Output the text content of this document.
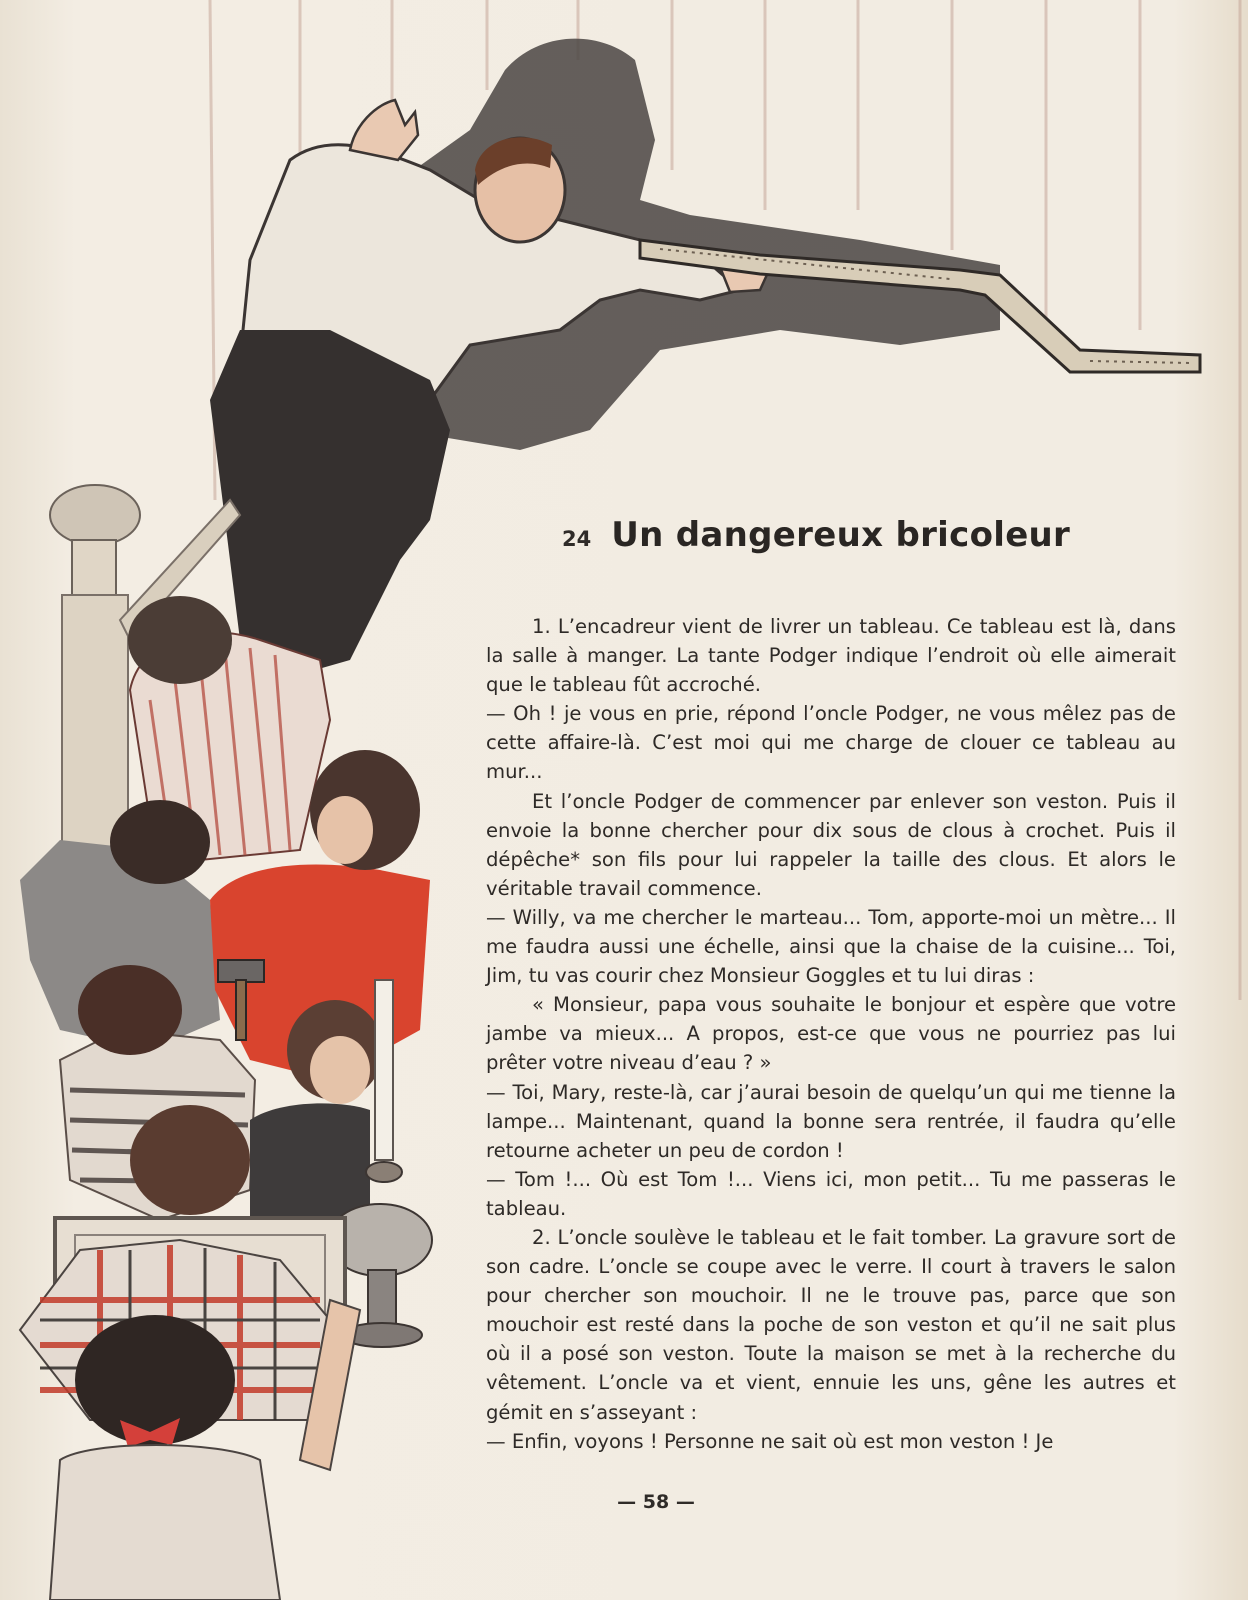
24 Un dangereux bricoleur

1. L’encadreur vient de livrer un tableau. Ce tableau est là, dans la salle à manger. La tante Podger indique l’endroit où elle aimerait que le tableau fût accroché.

— Oh ! je vous en prie, répond l’oncle Podger, ne vous mêlez pas de cette affaire-là. C’est moi qui me charge de clouer ce tableau au mur...

Et l’oncle Podger de commencer par enlever son veston. Puis il envoie la bonne chercher pour dix sous de clous à crochet. Puis il dépêche* son fils pour lui rappeler la taille des clous. Et alors le véritable travail commence.

— Willy, va me chercher le marteau... Tom, apporte-moi un mètre... Il me faudra aussi une échelle, ainsi que la chaise de la cuisine... Toi, Jim, tu vas courir chez Monsieur Goggles et tu lui diras :

« Monsieur, papa vous souhaite le bonjour et espère que votre jambe va mieux... A propos, est-ce que vous ne pourriez pas lui prêter votre niveau d’eau ? »

— Toi, Mary, reste-là, car j’aurai besoin de quelqu’un qui me tienne la lampe... Maintenant, quand la bonne sera rentrée, il faudra qu’elle retourne acheter un peu de cordon !

— Tom !... Où est Tom !... Viens ici, mon petit... Tu me passeras le tableau.

2. L’oncle soulève le tableau et le fait tomber. La gravure sort de son cadre. L’oncle se coupe avec le verre. Il court à travers le salon pour chercher son mouchoir. Il ne le trouve pas, parce que son mouchoir est resté dans la poche de son veston et qu’il ne sait plus où il a posé son veston. Toute la maison se met à la recherche du vêtement. L’oncle va et vient, ennuie les uns, gêne les autres et gémit en s’asseyant :

— Enfin, voyons ! Personne ne sait où est mon veston ! Je

— 58 —
